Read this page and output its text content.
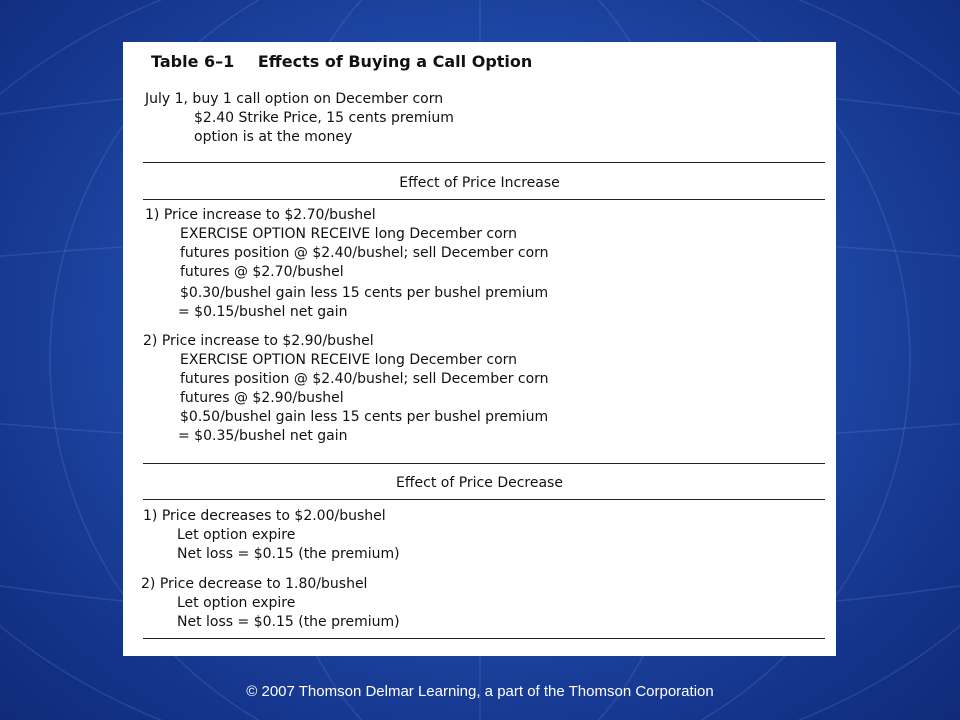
Table 6–1 Effects of Buying a Call Option
July 1, buy 1 call option on December corn
$2.40 Strike Price, 15 cents premium
option is at the money
Effect of Price Increase
1) Price increase to $2.70/bushel
EXERCISE OPTION RECEIVE long December corn
futures position @ $2.40/bushel; sell December corn
futures @ $2.70/bushel
$0.30/bushel gain less 15 cents per bushel premium
= $0.15/bushel net gain
2) Price increase to $2.90/bushel
EXERCISE OPTION RECEIVE long December corn
futures position @ $2.40/bushel; sell December corn
futures @ $2.90/bushel
$0.50/bushel gain less 15 cents per bushel premium
= $0.35/bushel net gain
Effect of Price Decrease
1) Price decreases to $2.00/bushel
Let option expire
Net loss = $0.15 (the premium)
2) Price decrease to 1.80/bushel
Let option expire
Net loss = $0.15 (the premium)
© 2007 Thomson Delmar Learning, a part of the Thomson Corporation
